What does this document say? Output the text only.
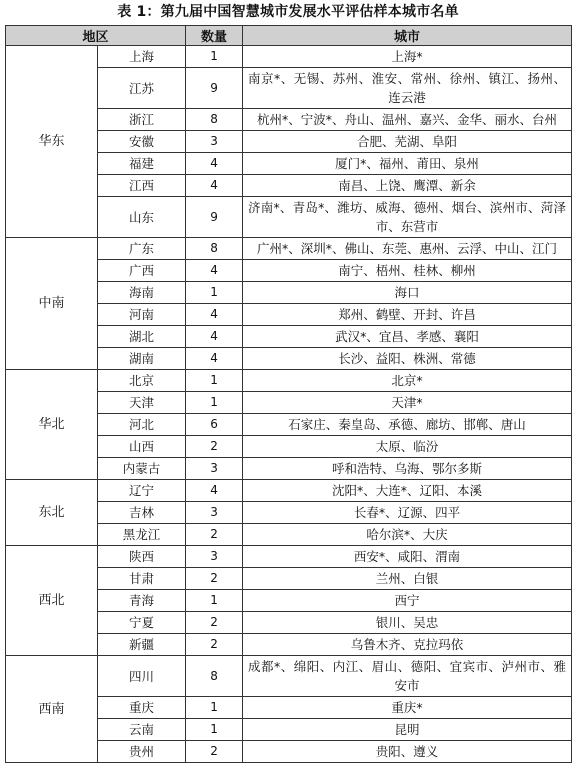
表 1：第九届中国智慧城市发展水平评估样本城市名单
地区		数量	城市
华东	上海	1	上海*
	江苏	9	南京*、无锡、苏州、淮安、常州、徐州、镇江、扬州、连云港
	浙江	8	杭州*、宁波*、舟山、温州、嘉兴、金华、丽水、台州
	安徽	3	合肥、芜湖、阜阳
	福建	4	厦门*、福州、莆田、泉州
	江西	4	南昌、上饶、鹰潭、新余
	山东	9	济南*、青岛*、潍坊、威海、德州、烟台、滨州市、菏泽市、东营市
中南	广东	8	广州*、深圳*、佛山、东莞、惠州、云浮、中山、江门
	广西	4	南宁、梧州、桂林、柳州
	海南	1	海口
	河南	4	郑州、鹤壁、开封、许昌
	湖北	4	武汉*、宜昌、孝感、襄阳
	湖南	4	长沙、益阳、株洲、常德
华北	北京	1	北京*
	天津	1	天津*
	河北	6	石家庄、秦皇岛、承德、廊坊、邯郸、唐山
	山西	2	太原、临汾
	内蒙古	3	呼和浩特、乌海、鄂尔多斯
东北	辽宁	4	沈阳*、大连*、辽阳、本溪
	吉林	3	长春*、辽源、四平
	黑龙江	2	哈尔滨*、大庆
西北	陕西	3	西安*、咸阳、渭南
	甘肃	2	兰州、白银
	青海	1	西宁
	宁夏	2	银川、吴忠
	新疆	2	乌鲁木齐、克拉玛依
西南	四川	8	成都*、绵阳、内江、眉山、德阳、宜宾市、泸州市、雅安市
	重庆	1	重庆*
	云南	1	昆明
	贵州	2	贵阳、遵义
